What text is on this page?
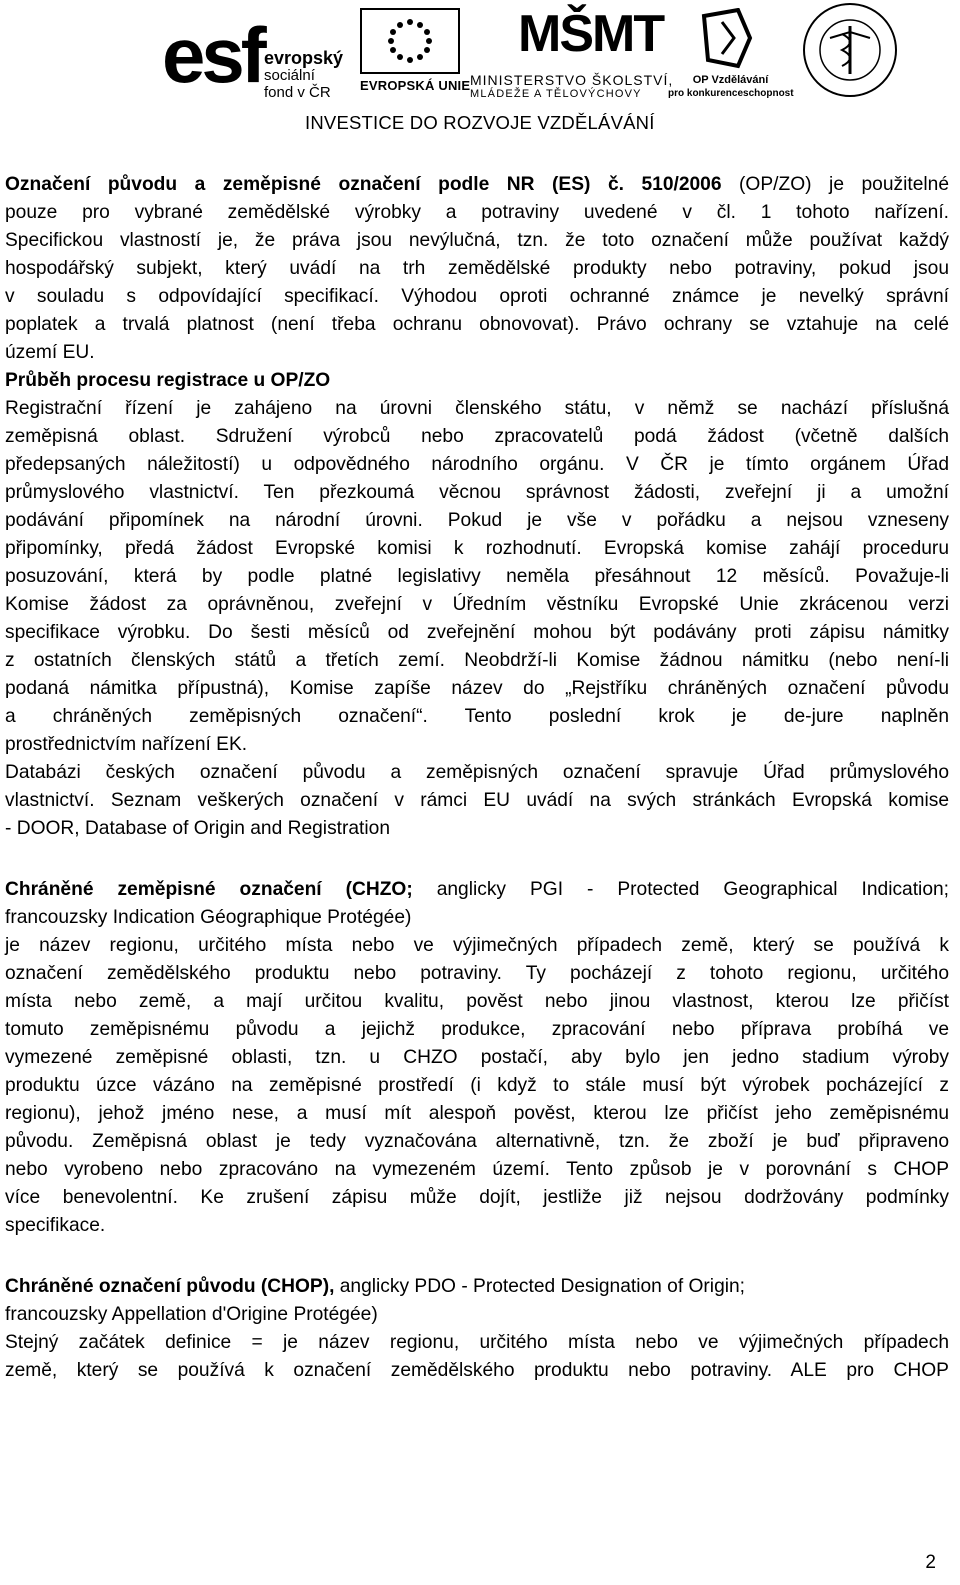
esf evropský
sociální
fond v ČR	EVROPSKÁ UNIE
MŠMT
MINISTERSTVO ŠKOLSTVÍ,
MLÁDEŽE A TĚLOVÝCHOVY
OP Vzdělávání
pro konkurenceschopnost
INVESTICE DO ROZVOJE VZDĚLÁVÁNÍ
Označení původu a zeměpisné označení podle NR (ES) č. 510/2006 (OP/ZO) je použitelné
pouze pro vybrané zemědělské výrobky a potraviny uvedené v čl. 1 tohoto nařízení.
Specifickou vlastností je, že práva jsou nevýlučná, tzn. že toto označení může používat každý
hospodářský subjekt, který uvádí na trh zemědělské produkty nebo potraviny, pokud jsou
v souladu s odpovídající specifikací. Výhodou oproti ochranné známce je nevelký správní
poplatek a trvalá platnost (není třeba ochranu obnovovat). Právo ochrany se vztahuje na celé
území EU.
Průběh procesu registrace u OP/ZO
Registrační řízení je zahájeno na úrovni členského státu, v němž se nachází příslušná
zeměpisná oblast. Sdružení výrobců nebo zpracovatelů podá žádost (včetně dalších
předepsaných náležitostí) u odpovědného národního orgánu. V ČR je tímto orgánem Úřad
průmyslového vlastnictví. Ten přezkoumá věcnou správnost žádosti, zveřejní ji a umožní
podávání připomínek na národní úrovni. Pokud je vše v pořádku a nejsou vzneseny
připomínky, předá žádost Evropské komisi k rozhodnutí. Evropská komise zahájí proceduru
posuzování, která by podle platné legislativy neměla přesáhnout 12 měsíců. Považuje-li
Komise žádost za oprávněnou, zveřejní v Úředním věstníku Evropské Unie zkrácenou verzi
specifikace výrobku. Do šesti měsíců od zveřejnění mohou být podávány proti zápisu námitky
z ostatních členských států a třetích zemí. Neobdrží-li Komise žádnou námitku (nebo není-li
podaná námitka přípustná), Komise zapíše název do „Rejstříku chráněných označení původu
a chráněných zeměpisných označení“. Tento poslední krok je de-jure naplněn
prostřednictvím nařízení EK.
Databázi českých označení původu a zeměpisných označení spravuje Úřad průmyslového
vlastnictví. Seznam veškerých označení v rámci EU uvádí na svých stránkách Evropská komise
- DOOR, Database of Origin and Registration
Chráněné zeměpisné označení (CHZO; anglicky PGI - Protected Geographical Indication;
francouzsky Indication Géographique Protégée)
je název regionu, určitého místa nebo ve výjimečných případech země, který se používá k
označení zemědělského produktu nebo potraviny. Ty pocházejí z tohoto regionu, určitého
místa nebo země, a mají určitou kvalitu, pověst nebo jinou vlastnost, kterou lze přičíst
tomuto zeměpisnému původu a jejichž produkce, zpracování nebo příprava probíhá ve
vymezené zeměpisné oblasti, tzn. u CHZO postačí, aby bylo jen jedno stadium výroby
produktu úzce vázáno na zeměpisné prostředí (i když to stále musí být výrobek pocházející z
regionu), jehož jméno nese, a musí mít alespoň pověst, kterou lze přičíst jeho zeměpisnému
původu. Zeměpisná oblast je tedy vyznačována alternativně, tzn. že zboží je buď připraveno
nebo vyrobeno nebo zpracováno na vymezeném území. Tento způsob je v porovnání s CHOP
více benevolentní. Ke zrušení zápisu může dojít, jestliže již nejsou dodržovány podmínky
specifikace.
Chráněné označení původu (CHOP), anglicky PDO - Protected Designation of Origin;
francouzsky Appellation d'Origine Protégée)
Stejný začátek definice = je název regionu, určitého místa nebo ve výjimečných případech
země, který se používá k označení zemědělského produktu nebo potraviny. ALE pro CHOP
2
